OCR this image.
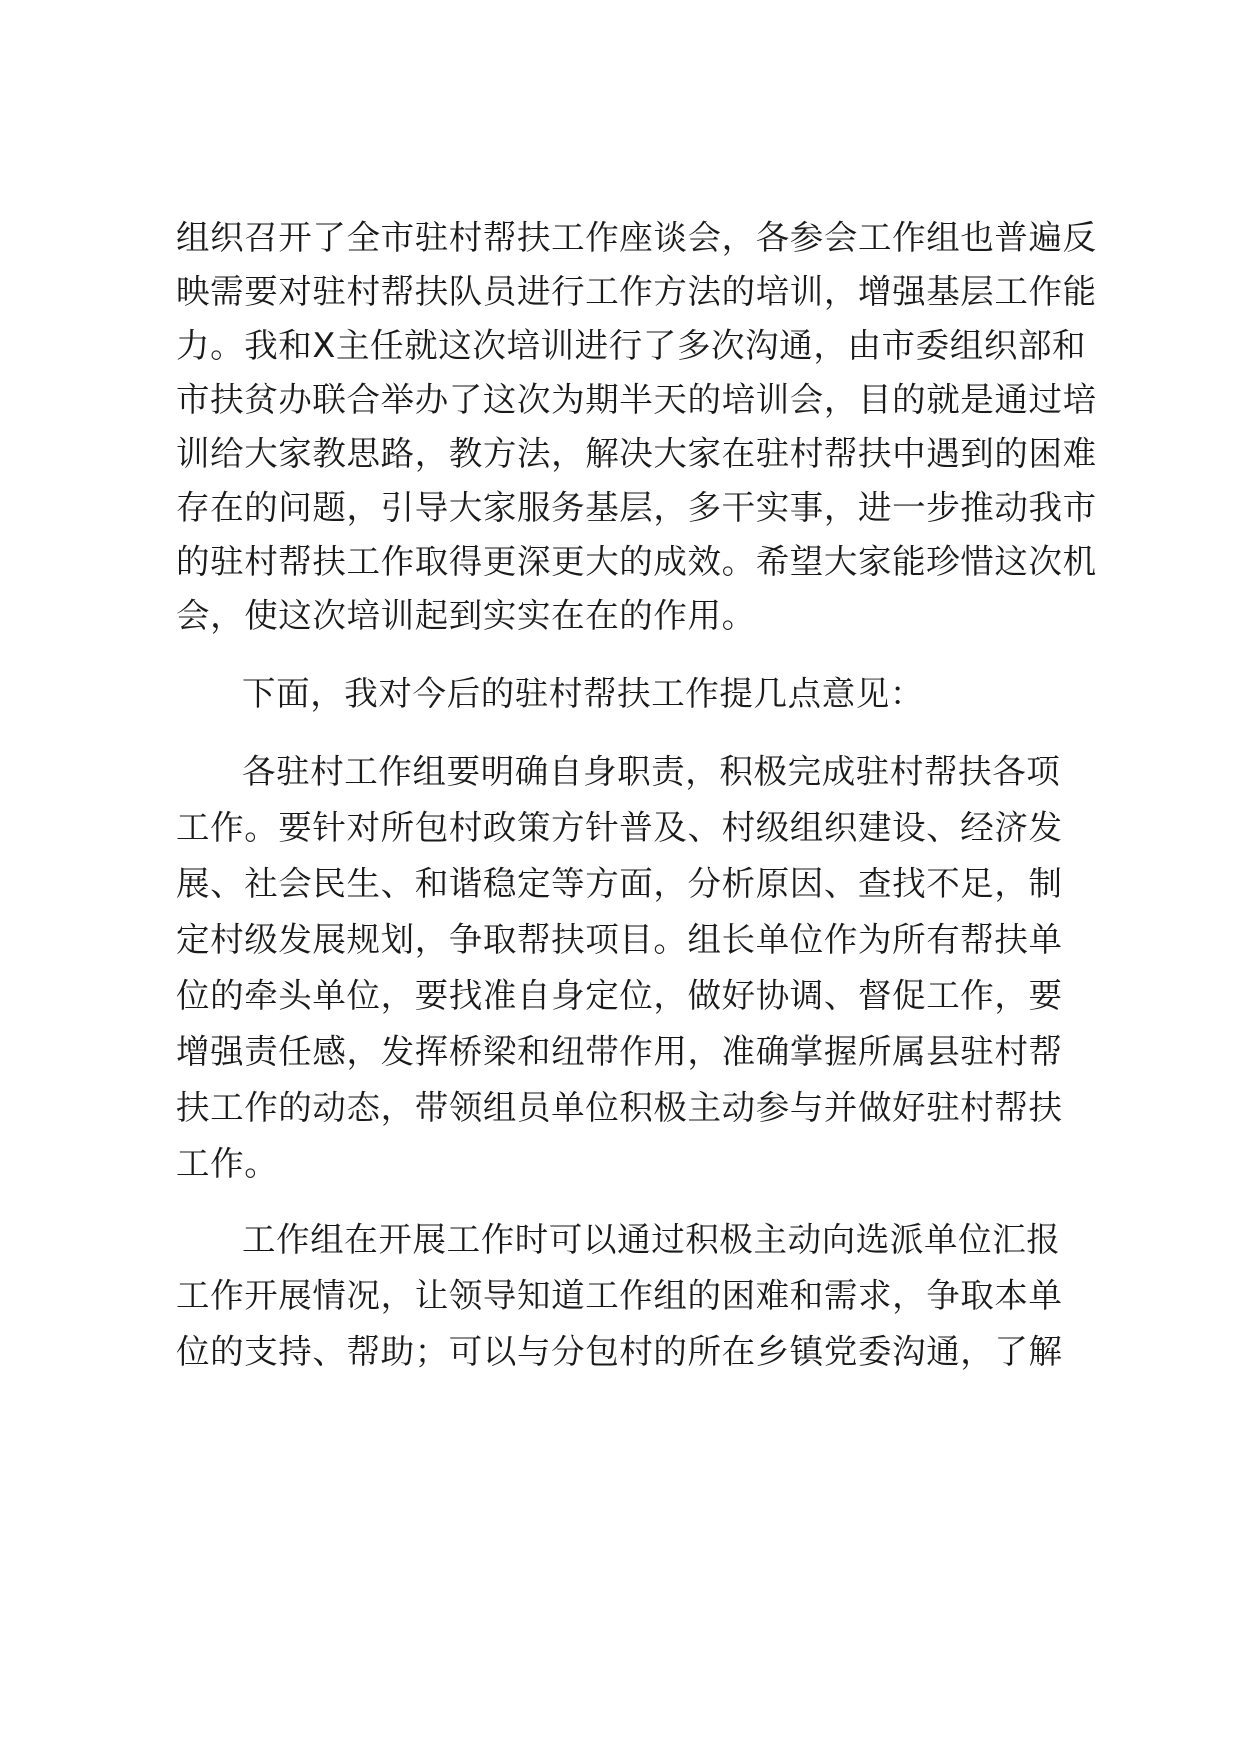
组织召开了全市驻村帮扶工作座谈会，各参会工作组也普遍反
映需要对驻村帮扶队员进行工作方法的培训，增强基层工作能
力。我和X主任就这次培训进行了多次沟通，由市委组织部和
市扶贫办联合举办了这次为期半天的培训会，目的就是通过培
训给大家教思路，教方法，解决大家在驻村帮扶中遇到的困难
存在的问题，引导大家服务基层，多干实事，进一步推动我市
的驻村帮扶工作取得更深更大的成效。希望大家能珍惜这次机
会，使这次培训起到实实在在的作用。
下面，我对今后的驻村帮扶工作提几点意见：
各驻村工作组要明确自身职责，积极完成驻村帮扶各项
工作。要针对所包村政策方针普及、村级组织建设、经济发
展、社会民生、和谐稳定等方面，分析原因、查找不足，制
定村级发展规划，争取帮扶项目。组长单位作为所有帮扶单
位的牵头单位，要找准自身定位，做好协调、督促工作，要
增强责任感，发挥桥梁和纽带作用，准确掌握所属县驻村帮
扶工作的动态，带领组员单位积极主动参与并做好驻村帮扶
工作。
工作组在开展工作时可以通过积极主动向选派单位汇报
工作开展情况，让领导知道工作组的困难和需求，争取本单
位的支持、帮助；可以与分包村的所在乡镇党委沟通，了解
